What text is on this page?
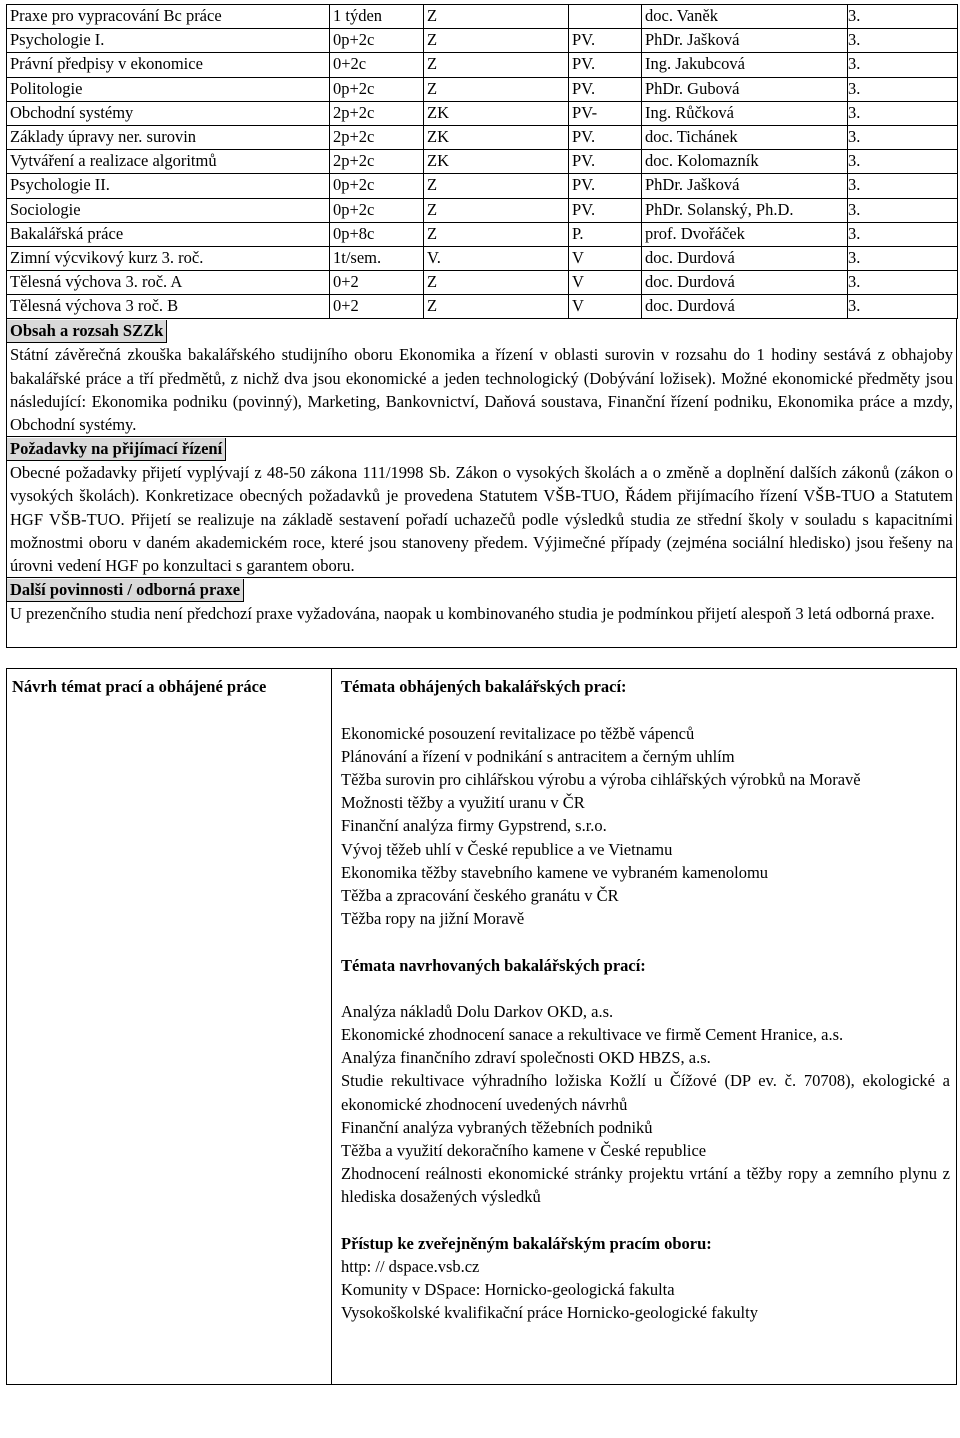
Praxe pro vypracování Bc práce	1 týden	Z		doc. Vaněk	3.
Psychologie I.	0p+2c	Z	PV.	PhDr. Jašková	3.
Právní předpisy v ekonomice	0+2c	Z	PV.	Ing. Jakubcová	3.
Politologie	0p+2c	Z	PV.	PhDr. Gubová	3.
Obchodní systémy	2p+2c	ZK	PV-	Ing. Růčková	3.
Základy úpravy ner. surovin	2p+2c	ZK	PV.	doc. Tichánek	3.
Vytváření a realizace algoritmů	2p+2c	ZK	PV.	doc. Kolomazník	3.
Psychologie II.	0p+2c	Z	PV.	PhDr. Jašková	3.
Sociologie	0p+2c	Z	PV.	PhDr. Solanský, Ph.D.	3.
Bakalářská práce	0p+8c	Z	P.	prof. Dvořáček	3.
Zimní výcvikový kurz 3. roč.	1t/sem.	V.	V	doc. Durdová	3.
Tělesná výchova 3. roč. A	0+2	Z	V	doc. Durdová	3.
Tělesná výchova 3 roč. B	0+2	Z	V	doc. Durdová	3.
Obsah a rozsah SZZk
Státní závěrečná zkouška bakalářského studijního oboru Ekonomika a řízení v oblasti surovin v rozsahu do 1 hodiny sestává z obhajoby bakalářské práce a tří předmětů, z nichž dva jsou ekonomické a jeden technologický (Dobývání ložisek). Možné ekonomické předměty jsou následující: Ekonomika podniku (povinný), Marketing, Bankovnictví, Daňová soustava, Finanční řízení podniku, Ekonomika práce a mzdy, Obchodní systémy.
Požadavky na přijímací řízení
Obecné požadavky přijetí vyplývají z 48-50 zákona 111/1998 Sb. Zákon o vysokých školách a o změně a doplnění dalších zákonů (zákon o vysokých školách). Konkretizace obecných požadavků je provedena Statutem VŠB-TUO, Řádem přijímacího řízení VŠB-TUO a Statutem HGF VŠB-TUO. Přijetí se realizuje na základě sestavení pořadí uchazečů podle výsledků studia ze střední školy v souladu s kapacitními možnostmi oboru v daném akademickém roce, které jsou stanoveny předem. Výjimečné případy (zejména sociální hlediskо) jsou řešeny na úrovni vedení HGF po konzultaci s garantem oboru.
Další povinnosti / odborná praxe
U prezenčního studia není předchozí praxe vyžadována, naopak u kombinovaného studia je podmínkou přijetí alespoň 3 letá odborná praxe.
Návrh témat prací a obhájené práce	Témata obhájených bakalářských prací:
Ekonomické posouzení revitalizace po těžbě vápenců
Plánování a řízení v podnikání s antracitem a černým uhlím
Těžba surovin pro cihlářskou výrobu a výroba cihlářských výrobků na Moravě
Možnosti těžby a využití uranu v ČR
Finanční analýza firmy Gypstrend, s.r.o.
Vývoj těžeb uhlí v České republice a ve Vietnamu
Ekonomika těžby stavebního kamene ve vybraném kamenolomu
Těžba a zpracování českého granátu v ČR
Těžba ropy na jižní Moravě
Témata navrhovaných bakalářských prací:
Analýza nákladů Dolu Darkov OKD, a.s.
Ekonomické zhodnocení sanace a rekultivace ve firmě Cement Hranice, a.s.
Analýza finančního zdraví společnosti OKD HBZS, a.s.
Studie rekultivace výhradního ložiska Kožlí u Čížové (DP ev. č. 70708), ekologické a ekonomické zhodnocení uvedených návrhů
Finanční analýza vybraných těžebních podniků
Těžba a využití dekoračního kamene v České republice
Zhodnocení reálnosti ekonomické stránky projektu vrtání a těžby ropy a zemního plynu z hlediska dosažených výsledků
Přístup ke zveřejněným bakalářským pracím oboru:
http: // dspace.vsb.cz
Komunity v DSpace: Hornicko-geologická fakulta
Vysokoškolské kvalifikační práce Hornicko-geologické fakulty
